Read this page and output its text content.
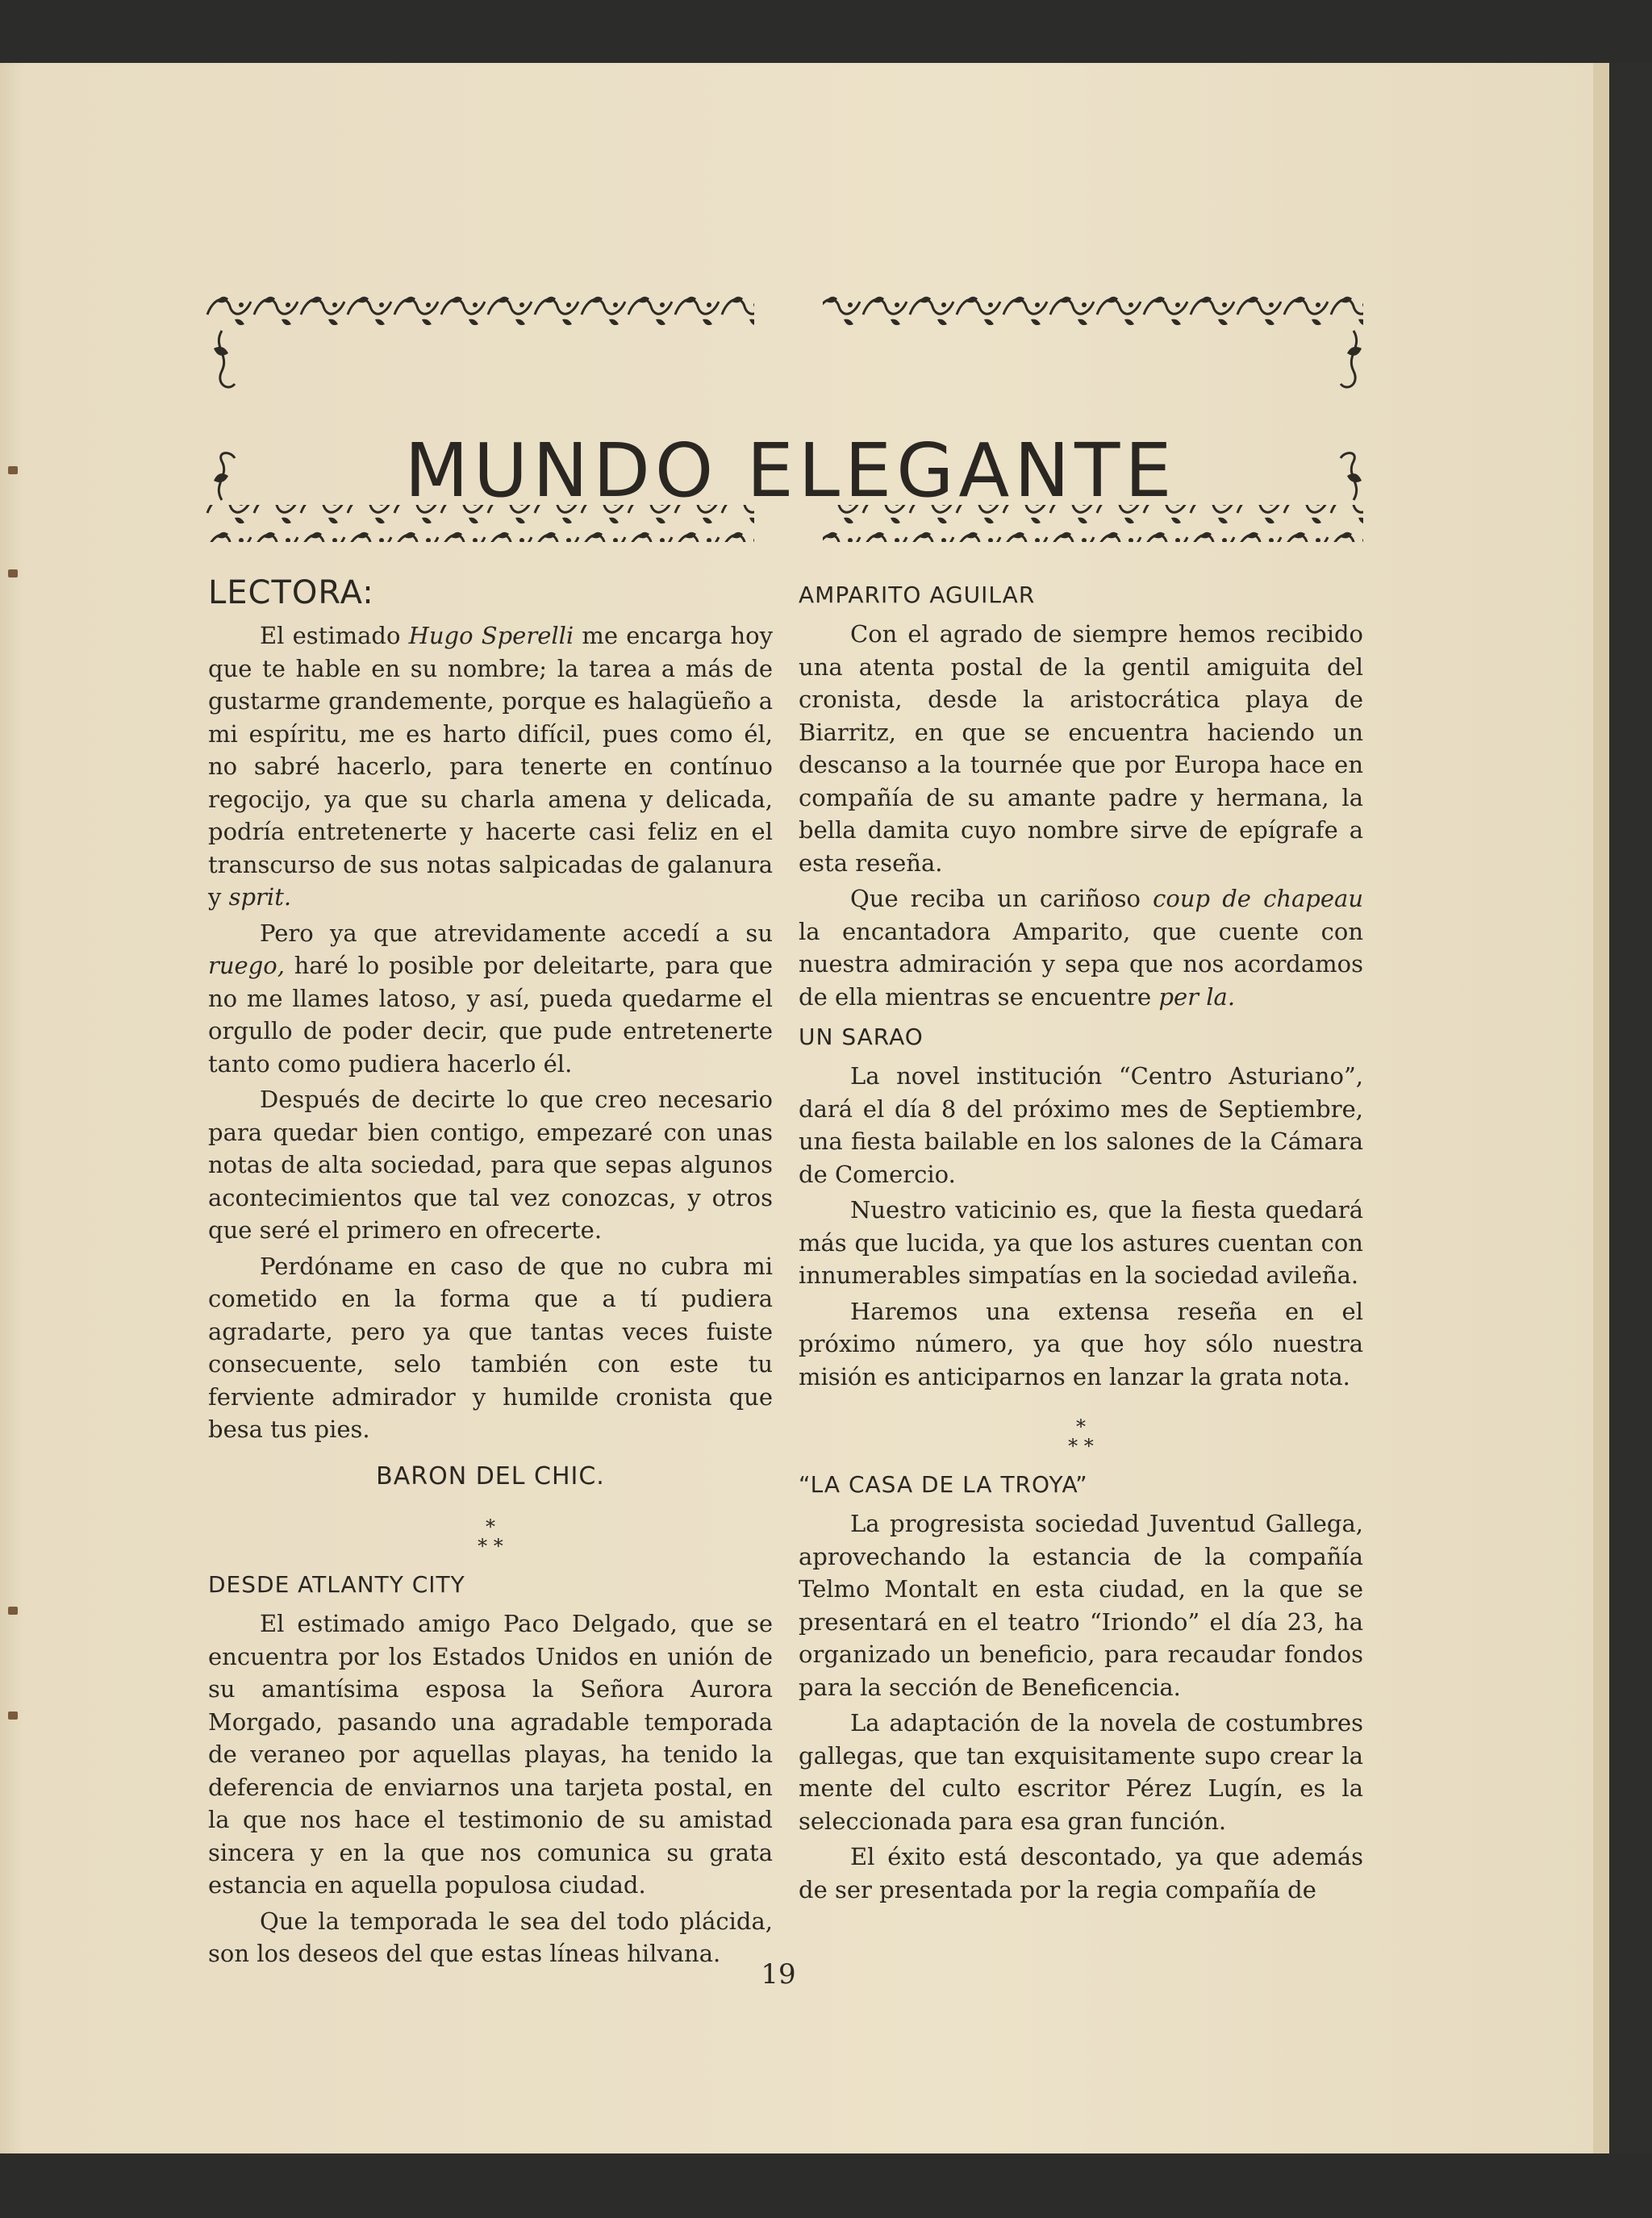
MUNDO ELEGANTE
LECTORA:

El estimado Hugo Sperelli me encarga hoy que te hable en su nombre; la tarea a más de gustarme grandemente, porque es halagüeño a mi espíritu, me es harto difícil, pues como él, no sabré hacerlo, para tenerte en contínuo regocijo, ya que su charla amena y delicada, podría entretenerte y hacerte casi feliz en el transcurso de sus notas salpicadas de galanura y sprit.

Pero ya que atrevidamente accedí a su ruego, haré lo posible por deleitarte, para que no me llames latoso, y así, pueda quedarme el orgullo de poder decir, que pude entretenerte tanto como pudiera hacerlo él.

Después de decirte lo que creo necesario para quedar bien contigo, empezaré con unas notas de alta sociedad, para que sepas algunos acontecimientos que tal vez conozcas, y otros que seré el primero en ofrecerte.

Perdóname en caso de que no cubra mi cometido en la forma que a tí pudiera agradarte, pero ya que tantas veces fuiste consecuente, selo también con este tu ferviente admirador y humilde cronista que besa tus pies.

BARON DEL CHIC.
*
* *
DESDE ATLANTY CITY

El estimado amigo Paco Delgado, que se encuentra por los Estados Unidos en unión de su amantísima esposa la Señora Aurora Morgado, pasando una agradable temporada de veraneo por aquellas playas, ha tenido la deferencia de enviarnos una tarjeta postal, en la que nos hace el testimonio de su amistad sincera y en la que nos comunica su grata estancia en aquella populosa ciudad.

Que la temporada le sea del todo plácida, son los deseos del que estas líneas hilvana.

AMPARITO AGUILAR

Con el agrado de siempre hemos recibido una atenta postal de la gentil amiguita del cronista, desde la aristocrática playa de Biarritz, en que se encuentra haciendo un descanso a la tournée que por Europa hace en compañía de su amante padre y hermana, la bella damita cuyo nombre sirve de epígrafe a esta reseña.

Que reciba un cariñoso coup de chapeau la encantadora Amparito, que cuente con nuestra admiración y sepa que nos acordamos de ella mientras se encuentre per la.

UN SARAO

La novel institución “Centro Asturiano”, dará el día 8 del próximo mes de Septiembre, una fiesta bailable en los salones de la Cámara de Comercio.

Nuestro vaticinio es, que la fiesta quedará más que lucida, ya que los astures cuentan con innumerables simpatías en la sociedad avileña.

Haremos una extensa reseña en el próximo número, ya que hoy sólo nuestra misión es anticiparnos en lanzar la grata nota.

*
* *
“LA CASA DE LA TROYA”

La progresista sociedad Juventud Gallega, aprovechando la estancia de la compañía Telmo Montalt en esta ciudad, en la que se presentará en el teatro “Iriondo” el día 23, ha organizado un beneficio, para recaudar fondos para la sección de Beneficencia.

La adaptación de la novela de costumbres gallegas, que tan exquisitamente supo crear la mente del culto escritor Pérez Lugín, es la seleccionada para esa gran función.

El éxito está descontado, ya que además de ser presentada por la regia compañía de

19
